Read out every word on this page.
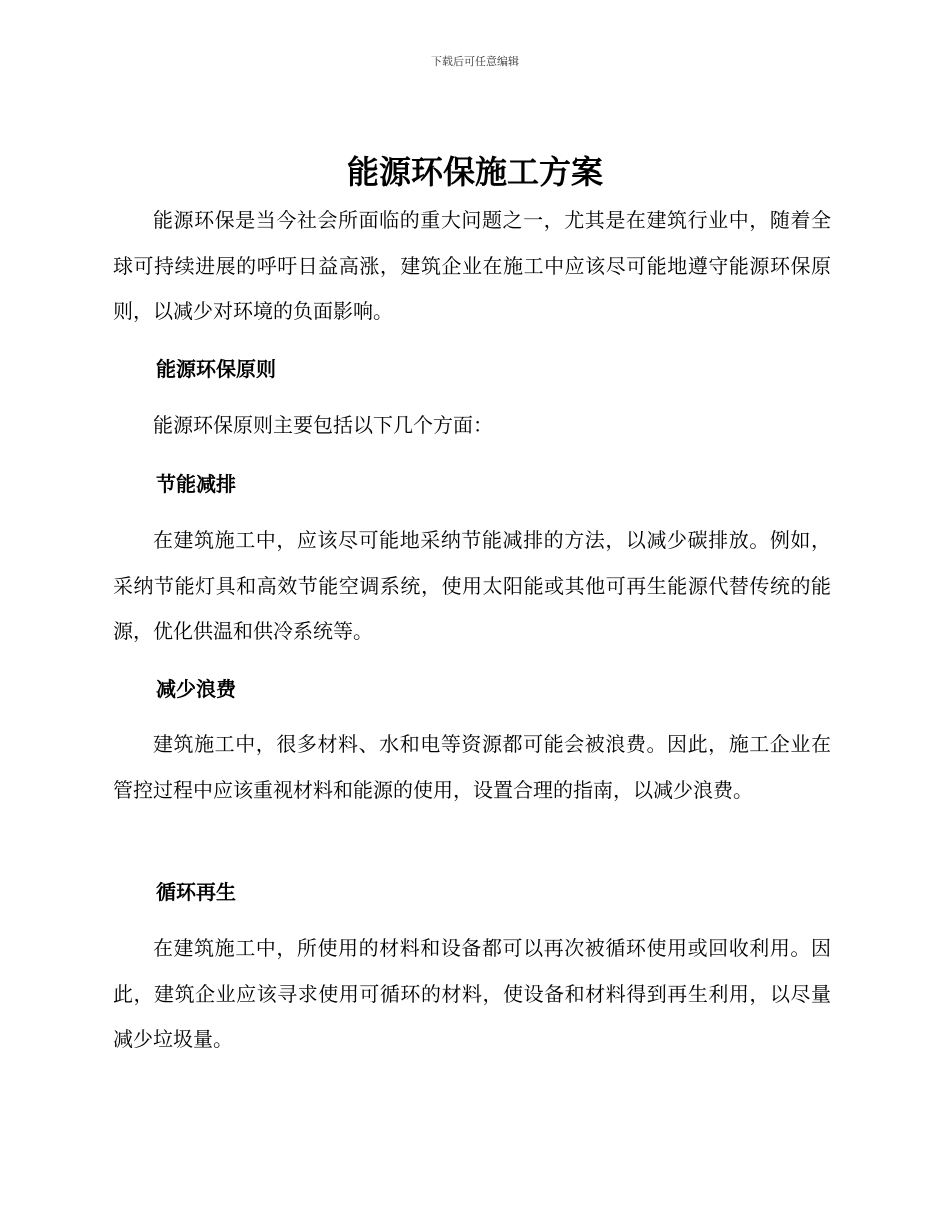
下载后可任意编辑
能源环保施工方案

能源环保是当今社会所面临的重大问题之一，尤其是在建筑行业中，随着全球可持续进展的呼吁日益高涨，建筑企业在施工中应该尽可能地遵守能源环保原则，以减少对环境的负面影响。

能源环保原则

能源环保原则主要包括以下几个方面：

节能减排

在建筑施工中，应该尽可能地采纳节能减排的方法，以减少碳排放。例如，采纳节能灯具和高效节能空调系统，使用太阳能或其他可再生能源代替传统的能源，优化供温和供冷系统等。

减少浪费

建筑施工中，很多材料、水和电等资源都可能会被浪费。因此，施工企业在管控过程中应该重视材料和能源的使用，设置合理的指南，以减少浪费。

循环再生

在建筑施工中，所使用的材料和设备都可以再次被循环使用或回收利用。因此，建筑企业应该寻求使用可循环的材料，使设备和材料得到再生利用，以尽量减少垃圾量。
